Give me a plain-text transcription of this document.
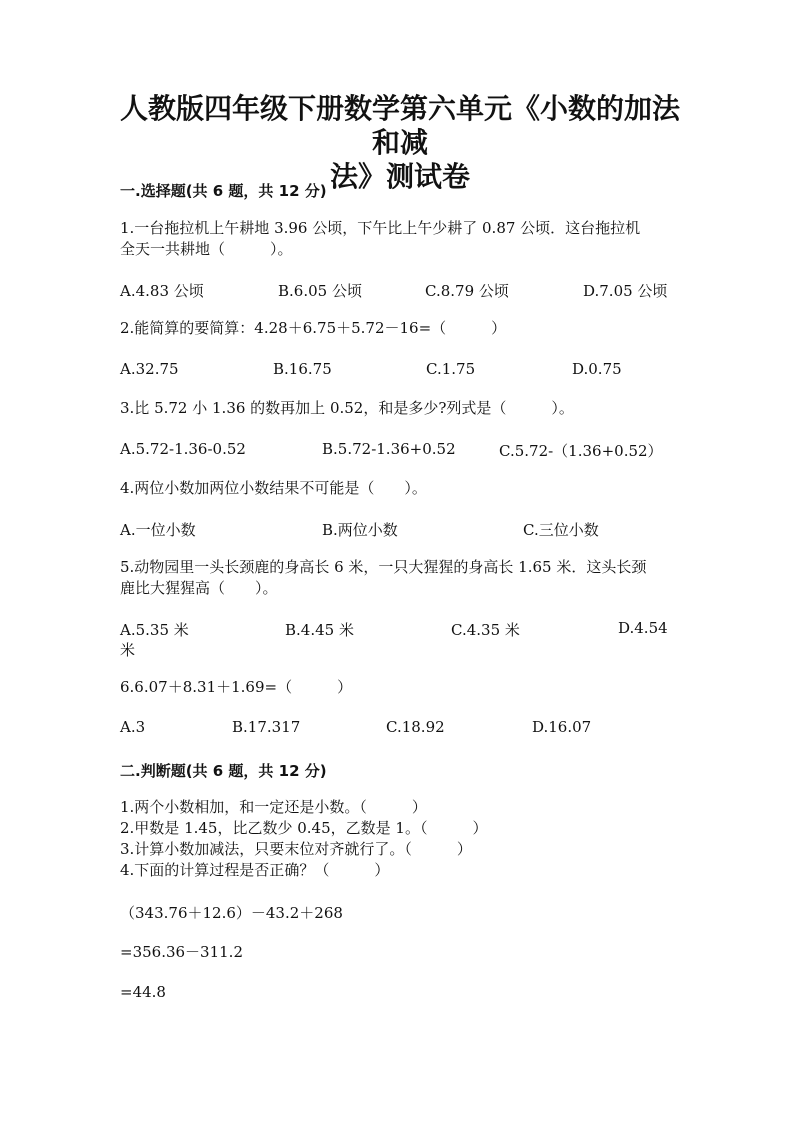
人教版四年级下册数学第六单元《小数的加法和减
法》测试卷
一.选择题(共 6 题，共 12 分)
1.一台拖拉机上午耕地 3.96 公顷，下午比上午少耕了 0.87 公顷．这台拖拉机
全天一共耕地（　　　）。
A.4.83 公顷	B.6.05 公顷	C.8.79 公顷	D.7.05 公顷
2.能简算的要简算：4.28＋6.75＋5.72－16=（　　　）
A.32.75	B.16.75	C.1.75	D.0.75
3.比 5.72 小 1.36 的数再加上 0.52，和是多少?列式是（　　　）。
A.5.72-1.36-0.52	B.5.72-1.36+0.52	C.5.72-（1.36+0.52）
4.两位小数加两位小数结果不可能是（　　）。
A.一位小数	B.两位小数	C.三位小数
5.动物园里一头长颈鹿的身高长 6 米，一只大猩猩的身高长 1.65 米．这头长颈
鹿比大猩猩高（　　）。
A.5.35 米	B.4.45 米	C.4.35 米	D.4.54
米
6.6.07＋8.31＋1.69=（　　　）
A.3	B.17.317	C.18.92	D.16.07
二.判断题(共 6 题，共 12 分)
1.两个小数相加，和一定还是小数。（　　　）
2.甲数是 1.45，比乙数少 0.45，乙数是 1。（　　　）
3.计算小数加减法，只要末位对齐就行了。（　　　）
4.下面的计算过程是否正确？（　　　）
（343.76＋12.6）－43.2＋268
=356.36－311.2
=44.8
